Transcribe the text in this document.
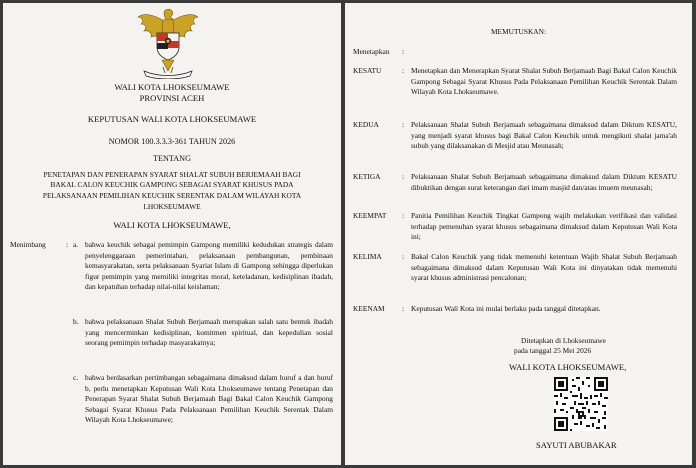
WALI KOTA LHOKSEUMAWE
PROVINSI ACEH
KEPUTUSAN WALI KOTA LHOKSEUMAWE
NOMOR 100.3.3.3-361 TAHUN 2026
TENTANG
PENETAPAN DAN PENERAPAN SYARAT SHALAT SUBUH BERJEMAAH BAGI
BAKAL CALON KEUCHIK GAMPONG SEBAGAI SYARAT KHUSUS PADA
PELAKSANAAN PEMILIHAN KEUCHIK SERENTAK DALAM WILAYAH KOTA
LHOKSEUMAWE
WALI KOTA LHOKSEUMAWE,
Menimbang	: a. bahwa keuchik sebagai pemimpin Gampong memiliki kedudukan strategis dalam penyelenggaraan pemerintahan, pelaksanaan pembangunan, pembinaan kemasyarakatan, serta pelaksanaan Syariat Islam di Gampong sehingga diperlukan figur pemimpin yang memiliki integritas moral, keteladanan, kedisiplinan ibadah, dan kepatuhan terhadap nilai-nilai keislaman;
b. bahwa pelaksanaan Shalat Subuh Berjamaah merupakan salah satu bentuk ibadah yang mencerminkan kedisiplinan, komitmen spiritual, dan kepedulian sosial seorang pemimpin terhadap masyarakatnya;
c. bahwa berdasarkan pertimbangan sebagaimana dimaksud dalam huruf a dan huruf b, perlu menetapkan Keputusan Wali Kota Lhokseumawe tentang Penetapan dan Penerapan Syarat Shalat Subuh Berjamaah Bagi Bakal Calon Keuchik Gampong Sebagai Syarat Khusus Pada Pelaksanaan Pemilihan Keuchik Serentak Dalam Wilayah Kota Lhokseumawe;
MEMUTUSKAN:
Menetapkan :
KESATU	: Menetapkan dan Menerapkan Syarat Shalat Subuh Berjamaah Bagi Bakal Calon Keuchik Gampong Sebagai Syarat Khusus Pada Pelaksanaan Pemilihan Keuchik Serentak Dalam Wilayah Kota Lhokseumawe.
KEDUA	: Pelaksanaan Shalat Subuh Berjamaah sebagaimana dimaksud dalam Diktum KESATU, yang menjadi syarat khusus bagi Bakal Calon Keuchik untuk mengikuti shalat jama'ah subuh yang dilaksanakan di Mesjid atau Meunasah;
KETIGA	: Pelaksanaan Shalat Subuh Berjamaah sebagaimana dimaksud dalam Diktum KESATU dibuktikan dengan surat keterangan dari imam masjid dan/atau imuem meunasah;
KEEMPAT : Panitia Pemilihan Keuchik Tingkat Gampong wajib melakukan verifikasi dan validasi terhadap pemenuhan syarat khusus sebagaimana dimaksud dalam Keputusan Wali Kota ini;
KELIMA	: Bakal Calon Keuchik yang tidak memenuhi ketentuan Wajib Shalat Subuh Berjamaah sebagaimana dimaksud dalam Keputusan Wali Kota ini dinyatakan tidak memenuhi syarat khusus administrasi pencalonan;
KEENAM : Keputusan Wali Kota ini mulai berlaku pada tanggal ditetapkan.
Ditetapkan di Lhokseumawe
pada tanggal 25 Mei 2026
WALI KOTA LHOKSEUMAWE,
SAYUTI ABUBAKAR
